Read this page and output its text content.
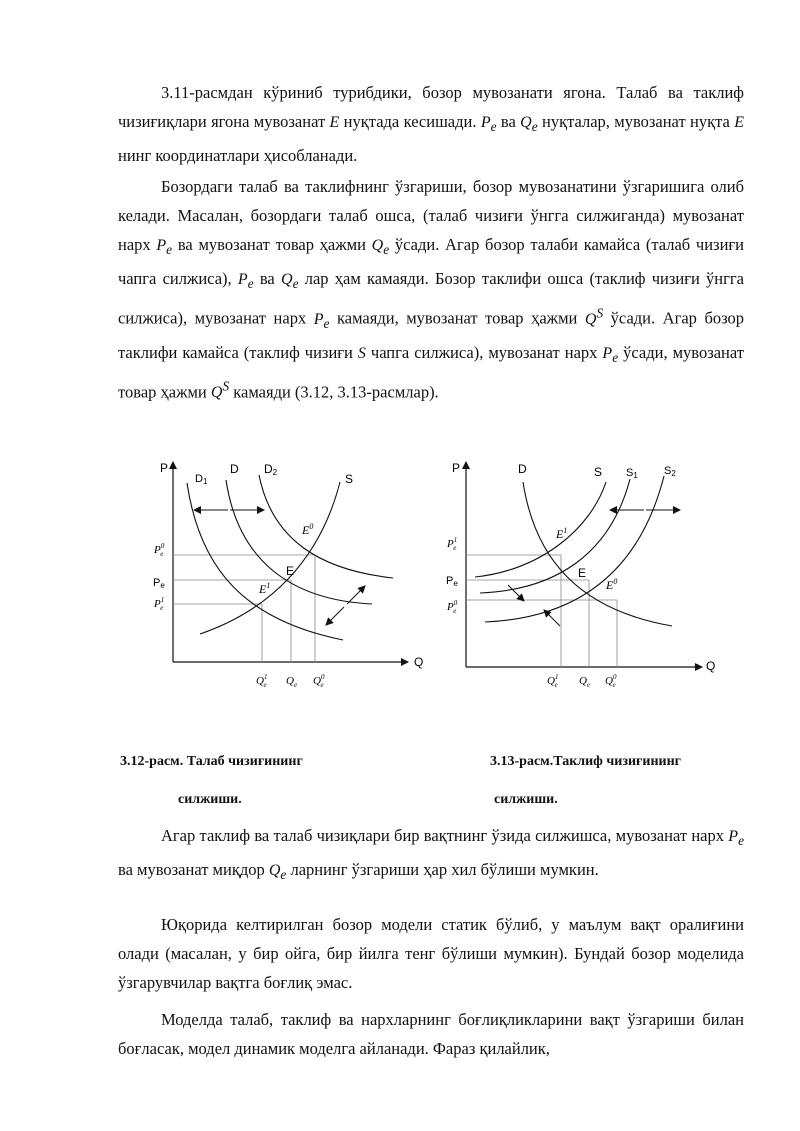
3.11-расмдан кўриниб турибдики, бозор мувозанати ягона. Талаб ва таклиф чизиғиқлари ягона мувозанат E нуқтада кесишади. $P_e$ ва $Q_e$ нуқталар, мувозанат нуқта E нинг координатлари ҳисобланади.

Бозордаги талаб ва таклифнинг ўзгариши, бозор мувозанатини ўзгаришига олиб келади. Масалан, бозордаги талаб ошса, (талаб чизиғи ўнгга силжиганда) мувозанат нарх $P_e$ ва мувозанат товар ҳажми $Q_e$ ўсади. Агар бозор талаби камайса (талаб чизиғи чапга силжиса), $P_e$ ва $Q_e$ лар ҳам камаяди. Бозор таклифи ошса (таклиф чизиғи ўнгга силжиса), мувозанат нарх $P_e$ камаяди, мувозанат товар ҳажми $Q^S$ ўсади. Агар бозор таклифи камайса (таклиф чизиғи S чапга силжиса), мувозанат нарх $P_e$ ўсади, мувозанат товар ҳажми $Q^S$ камаяди (3.12, 3.13-расмлар).

P
Q
D1
D D2	S
$E^0$
E
$E^1$
$P^0$ e
Pe
$P^1$ e
$Q^1$ e $Q_e$ $Q^0$ e
P
Q
D	S S1 S2
$E^1$
E
$E^0$
$P^1$ e
Pe
$P^0$ e
$Q^1$ e $Q_e$ $Q^0$ e

3.12-расм. Талаб чизиғининг

силжиши.

3.13-расм.Таклиф чизиғининг

силжиши.

Агар таклиф ва талаб чизиқлари бир вақтнинг ўзида силжишса, мувозанат нарх $P_e$ ва мувозанат миқдор $Q_e$ ларнинг ўзгариши ҳар хил бўлиши мумкин.

Юқорида келтирилган бозор модели статик бўлиб, у маълум вақт оралиғини олади (масалан, у бир ойга, бир йилга тенг бўлиши мумкин). Бундай бозор моделида ўзгарувчилар вақтга боғлиқ эмас.

Моделда талаб, таклиф ва нархларнинг боғлиқликларини вақт ўзгариши билан боғласак, модел динамик моделга айланади. Фараз қилайлик,
